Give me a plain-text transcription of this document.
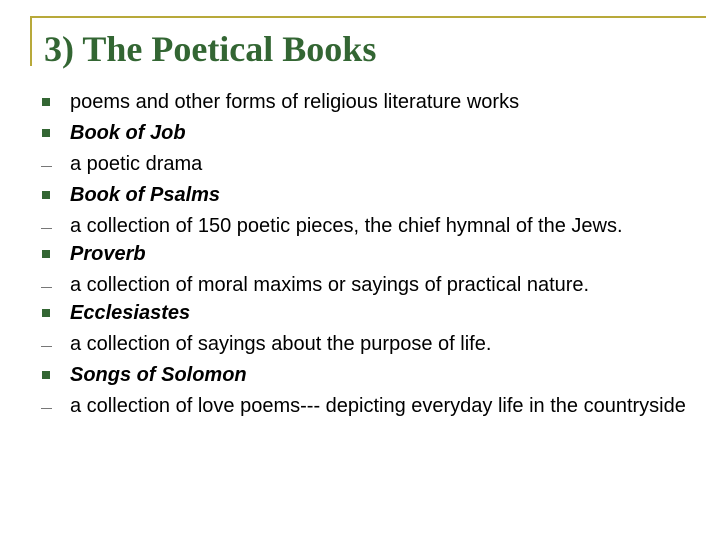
3) The Poetical Books
poems and other forms of religious literature works
Book of Job
a poetic drama
Book of Psalms
a collection of 150 poetic pieces, the chief hymnal of the Jews.
Proverb
a collection of moral maxims or sayings of practical nature.
Ecclesiastes
a collection of sayings about the purpose of life.
Songs of Solomon
a collection of love poems--- depicting everyday life in the countryside
